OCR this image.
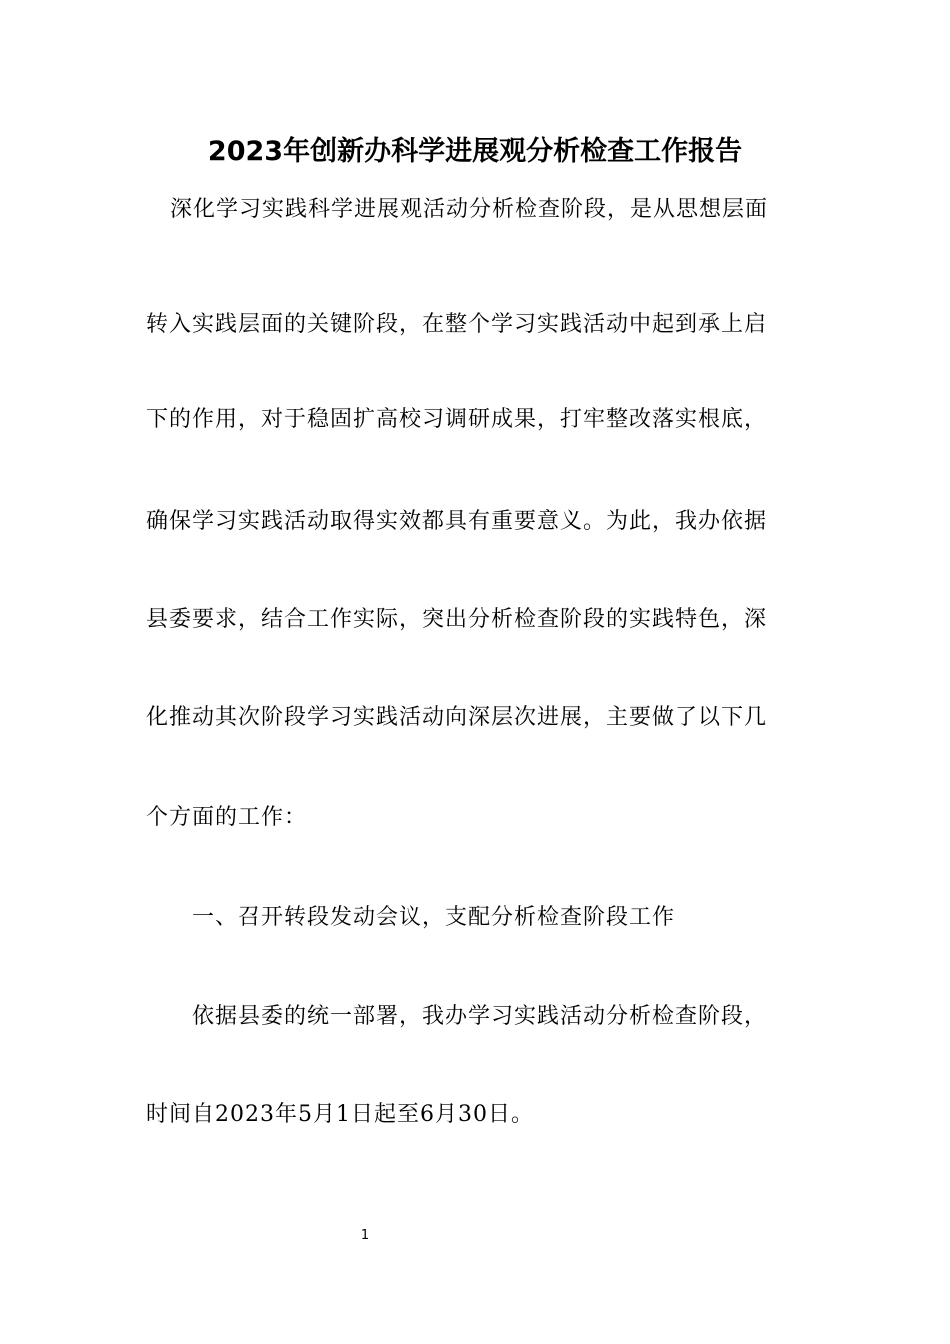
2023年创新办科学进展观分析检查工作报告
深化学习实践科学进展观活动分析检查阶段，是从思想层面
转入实践层面的关键阶段，在整个学习实践活动中起到承上启
下的作用，对于稳固扩高校习调研成果，打牢整改落实根底，
确保学习实践活动取得实效都具有重要意义。为此，我办依据
县委要求，结合工作实际，突出分析检查阶段的实践特色，深
化推动其次阶段学习实践活动向深层次进展，主要做了以下几
个方面的工作：
一、召开转段发动会议，支配分析检查阶段工作
依据县委的统一部署，我办学习实践活动分析检查阶段，
时间自2023年5月1日起至6月30日。
1
